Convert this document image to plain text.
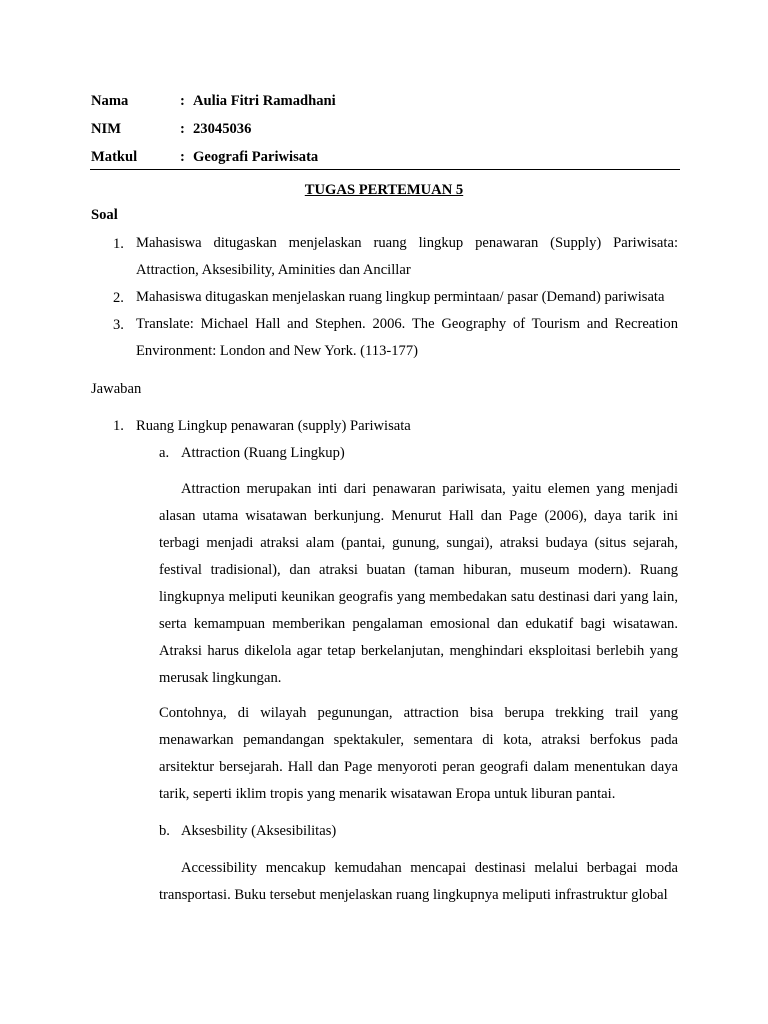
Nama	: Aulia Fitri Ramadhani
NIM	: 23045036
Matkul	: Geografi Pariwisata
TUGAS PERTEMUAN 5
Soal
1. Mahasiswa ditugaskan menjelaskan ruang lingkup penawaran (Supply) Pariwisata: Attraction, Aksesibility, Aminities dan Ancillar
2. Mahasiswa ditugaskan menjelaskan ruang lingkup permintaan/ pasar (Demand) pariwisata
3. Translate: Michael Hall and Stephen. 2006. The Geography of Tourism and Recreation Environment: London and New York. (113-177)
Jawaban
1. Ruang Lingkup penawaran (supply) Pariwisata
a. Attraction (Ruang Lingkup)
Attraction merupakan inti dari penawaran pariwisata, yaitu elemen yang menjadi alasan utama wisatawan berkunjung. Menurut Hall dan Page (2006), daya tarik ini terbagi menjadi atraksi alam (pantai, gunung, sungai), atraksi budaya (situs sejarah, festival tradisional), dan atraksi buatan (taman hiburan, museum modern). Ruang lingkupnya meliputi keunikan geografis yang membedakan satu destinasi dari yang lain, serta kemampuan memberikan pengalaman emosional dan edukatif bagi wisatawan. Atraksi harus dikelola agar tetap berkelanjutan, menghindari eksploitasi berlebih yang merusak lingkungan.
Contohnya, di wilayah pegunungan, attraction bisa berupa trekking trail yang menawarkan pemandangan spektakuler, sementara di kota, atraksi berfokus pada arsitektur bersejarah. Hall dan Page menyoroti peran geografi dalam menentukan daya tarik, seperti iklim tropis yang menarik wisatawan Eropa untuk liburan pantai.
b. Aksesbility (Aksesibilitas)
Accessibility mencakup kemudahan mencapai destinasi melalui berbagai moda transportasi. Buku tersebut menjelaskan ruang lingkupnya meliputi infrastruktur global
